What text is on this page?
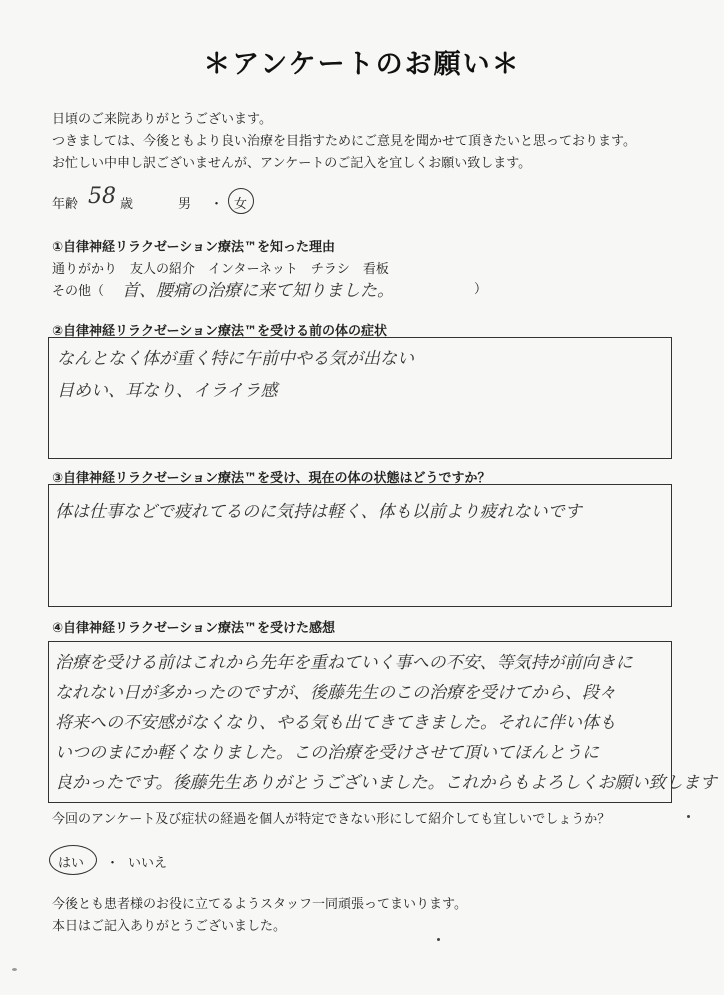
＊アンケートのお願い＊
日頃のご来院ありがとうございます。
つきましては、今後ともより良い治療を目指すためにご意見を聞かせて頂きたいと思っております。
お忙しい中申し訳ございませんが、アンケートのご記入を宜しくお願い致します。
年齢 58 歳	男 ・ 女
①自律神経リラクゼーション療法™を知った理由
通りがかり　友人の紹介　インターネット　チラシ　看板
その他（ 首、腰痛の治療に来て知りました。	）
②自律神経リラクゼーション療法™を受ける前の体の症状
なんとなく体が重く特に午前中やる気が出ない
目めい、耳なり、イライラ感
③自律神経リラクゼーション療法™を受け、現在の体の状態はどうですか？
体は仕事などで疲れてるのに気持は軽く、体も以前より疲れないです
④自律神経リラクゼーション療法™を受けた感想
治療を受ける前はこれから先年を重ねていく事への不安、等気持が前向きに
なれない日が多かったのですが、後藤先生のこの治療を受けてから、段々
将来への不安感がなくなり、やる気も出てきてきました。それに伴い体も
いつのまにか軽くなりました。この治療を受けさせて頂いてほんとうに
良かったです。後藤先生ありがとうございました。これからもよろしくお願い致します
今回のアンケート及び症状の経過を個人が特定できない形にして紹介しても宜しいでしょうか？
はい ・ いいえ
今後とも患者様のお役に立てるようスタッフ一同頑張ってまいります。
本日はご記入ありがとうございました。
